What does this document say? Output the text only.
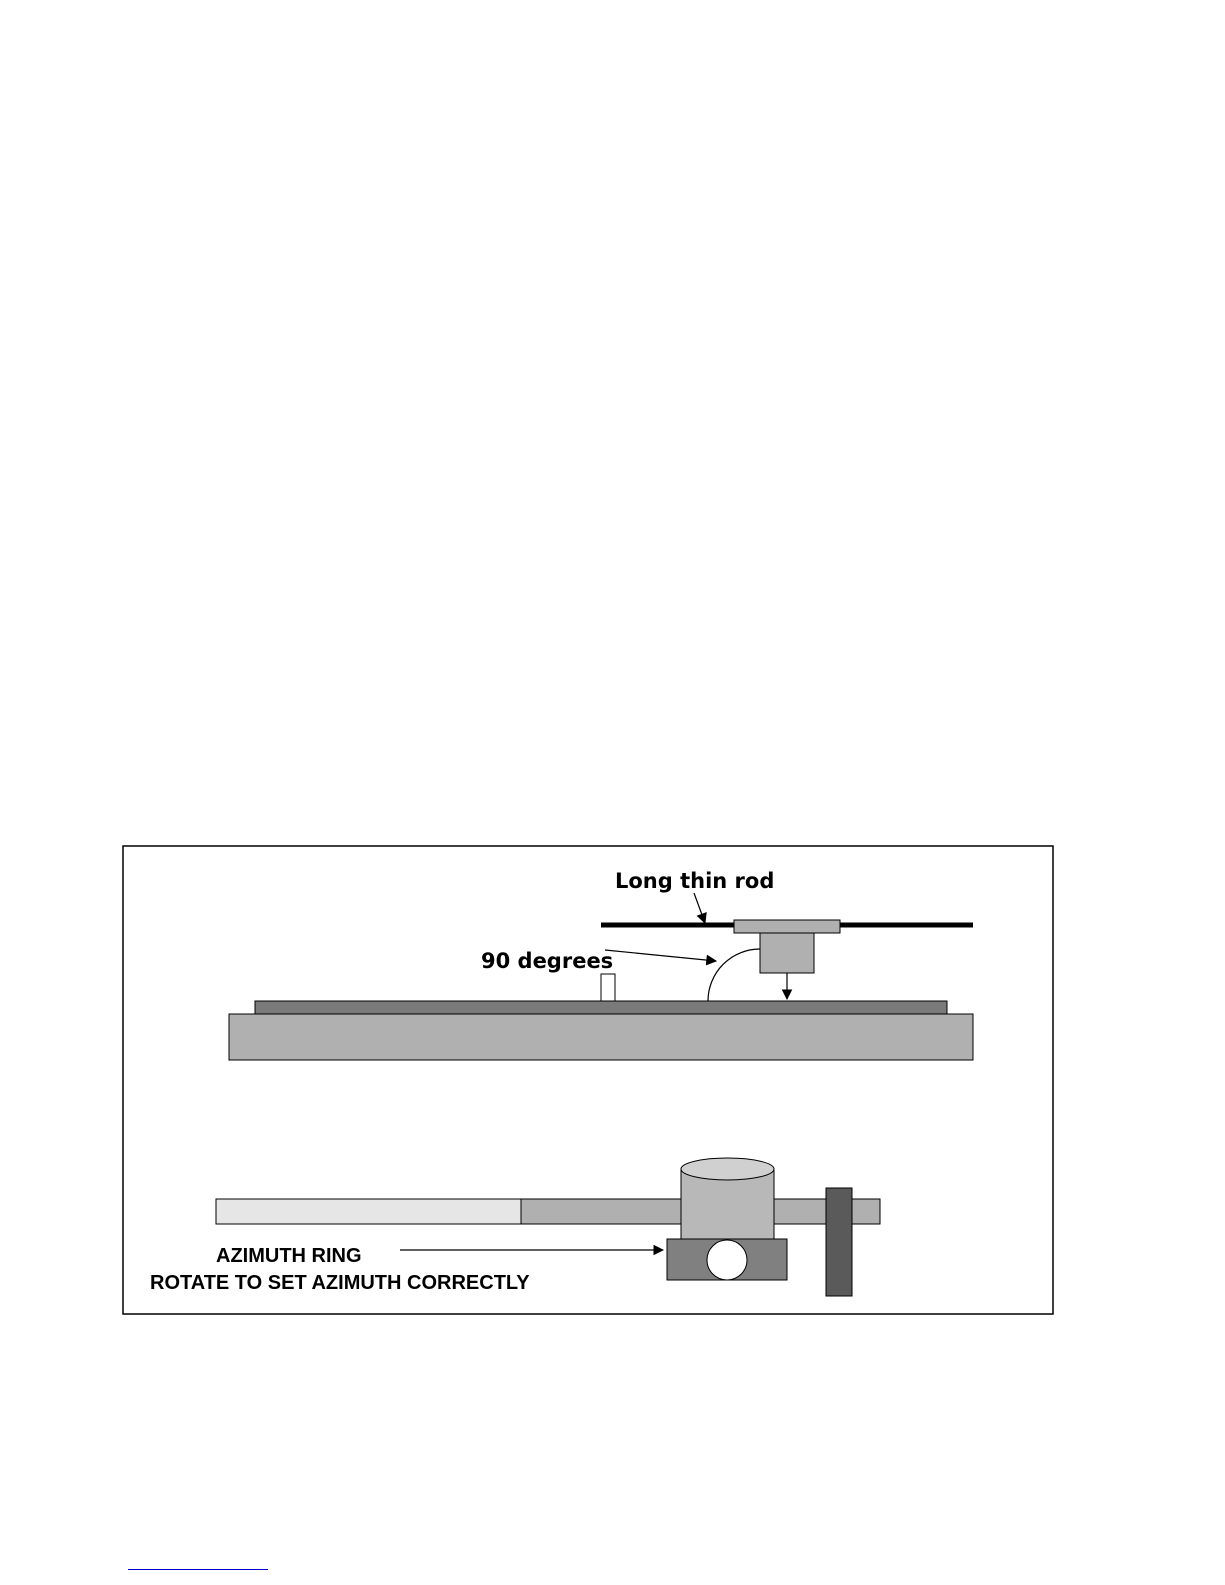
Long thin rod
90 degrees
AZIMUTH RING
ROTATE TO SET AZIMUTH CORRECTLY
